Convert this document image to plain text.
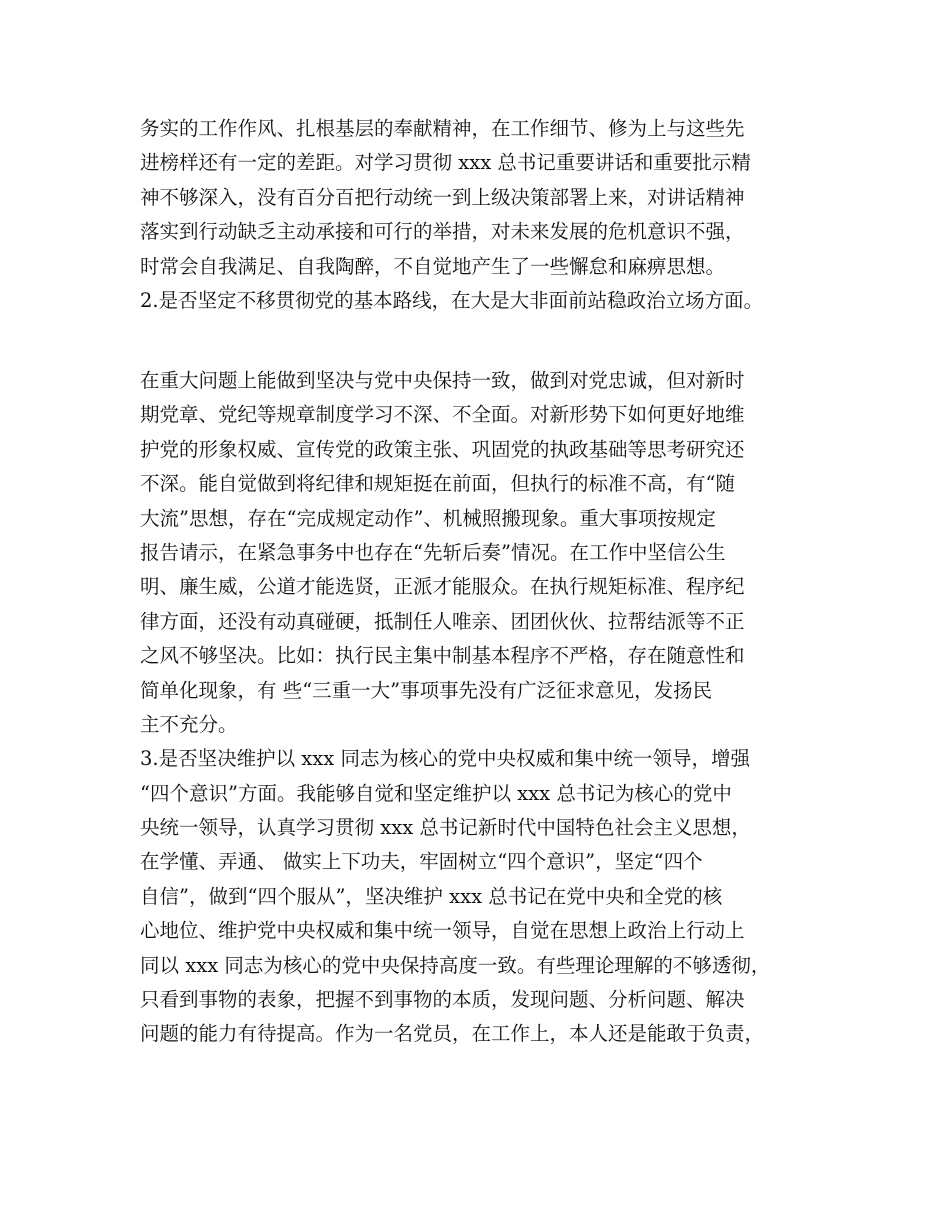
务实的工作作风、扎根基层的奉献精神，在工作细节、修为上与这些先
进榜样还有一定的差距。对学习贯彻 xxx 总书记重要讲话和重要批示精
神不够深入，没有百分百把行动统一到上级决策部署上来，对讲话精神
落实到行动缺乏主动承接和可行的举措，对未来发展的危机意识不强，
时常会自我满足、自我陶醉，不自觉地产生了一些懈怠和麻痹思想。
2.是否坚定不移贯彻党的基本路线，在大是大非面前站稳政治立场方面。
在重大问题上能做到坚决与党中央保持一致，做到对党忠诚，但对新时
期党章、党纪等规章制度学习不深、不全面。对新形势下如何更好地维
护党的形象权威、宣传党的政策主张、巩固党的执政基础等思考研究还
不深。能自觉做到将纪律和规矩挺在前面，但执行的标准不高，有“随
大流”思想，存在“完成规定动作”、机械照搬现象。重大事项按规定
报告请示，在紧急事务中也存在“先斩后奏”情况。在工作中坚信公生
明、廉生威，公道才能选贤，正派才能服众。在执行规矩标准、程序纪
律方面，还没有动真碰硬，抵制任人唯亲、团团伙伙、拉帮结派等不正
之风不够坚决。比如：执行民主集中制基本程序不严格，存在随意性和
简单化现象，有 些“三重一大”事项事先没有广泛征求意见，发扬民
主不充分。
3.是否坚决维护以 xxx 同志为核心的党中央权威和集中统一领导，增强
“四个意识”方面。我能够自觉和坚定维护以 xxx 总书记为核心的党中
央统一领导，认真学习贯彻 xxx 总书记新时代中国特色社会主义思想，
在学懂、弄通、 做实上下功夫，牢固树立“四个意识”，坚定“四个
自信”，做到“四个服从”，坚决维护 xxx 总书记在党中央和全党的核
心地位、维护党中央权威和集中统一领导，自觉在思想上政治上行动上
同以 xxx 同志为核心的党中央保持高度一致。有些理论理解的不够透彻，
只看到事物的表象，把握不到事物的本质，发现问题、分析问题、解决
问题的能力有待提高。作为一名党员，在工作上，本人还是能敢于负责，
